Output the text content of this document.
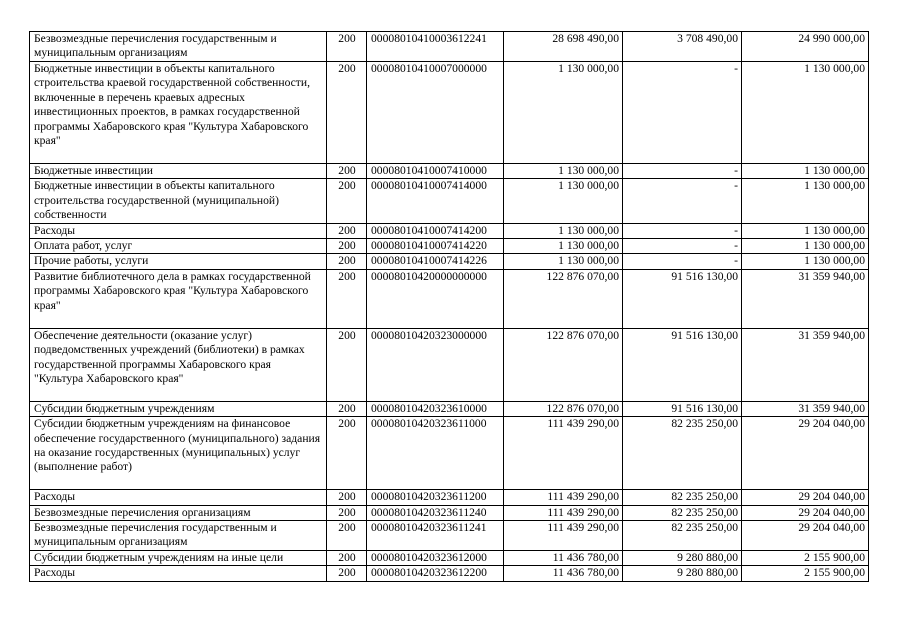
Безвозмездные перечисления государственным и муниципальным организациям	200	00008010410003612241	28 698 490,00	3 708 490,00	24 990 000,00
Бюджетные инвестиции в объекты капитального строительства краевой государственной собственности, включенные в перечень краевых адресных инвестиционных проектов, в рамках государственной программы Хабаровского края "Культура Хабаровского края"	200	00008010410007000000	1 130 000,00	-	1 130 000,00
Бюджетные инвестиции	200	00008010410007410000	1 130 000,00	-	1 130 000,00
Бюджетные инвестиции в объекты капитального строительства государственной (муниципальной) собственности	200	00008010410007414000	1 130 000,00	-	1 130 000,00
Расходы	200	00008010410007414200	1 130 000,00	-	1 130 000,00
Оплата работ, услуг	200	00008010410007414220	1 130 000,00	-	1 130 000,00
Прочие работы, услуги	200	00008010410007414226	1 130 000,00	-	1 130 000,00
Развитие библиотечного дела в рамках государственной программы Хабаровского края "Культура Хабаровского края"	200	00008010420000000000	122 876 070,00	91 516 130,00	31 359 940,00
Обеспечение деятельности (оказание услуг) подведомственных учреждений (библиотеки) в рамках государственной программы Хабаровского края "Культура Хабаровского края"	200	00008010420323000000	122 876 070,00	91 516 130,00	31 359 940,00
Субсидии бюджетным учреждениям	200	00008010420323610000	122 876 070,00	91 516 130,00	31 359 940,00
Субсидии бюджетным учреждениям на финансовое обеспечение государственного (муниципального) задания на оказание государственных (муниципальных) услуг (выполнение работ)	200	00008010420323611000	111 439 290,00	82 235 250,00	29 204 040,00
Расходы	200	00008010420323611200	111 439 290,00	82 235 250,00	29 204 040,00
Безвозмездные перечисления организациям	200	00008010420323611240	111 439 290,00	82 235 250,00	29 204 040,00
Безвозмездные перечисления государственным и муниципальным организациям	200	00008010420323611241	111 439 290,00	82 235 250,00	29 204 040,00
Субсидии бюджетным учреждениям на иные цели	200	00008010420323612000	11 436 780,00	9 280 880,00	2 155 900,00
Расходы	200	00008010420323612200	11 436 780,00	9 280 880,00	2 155 900,00
